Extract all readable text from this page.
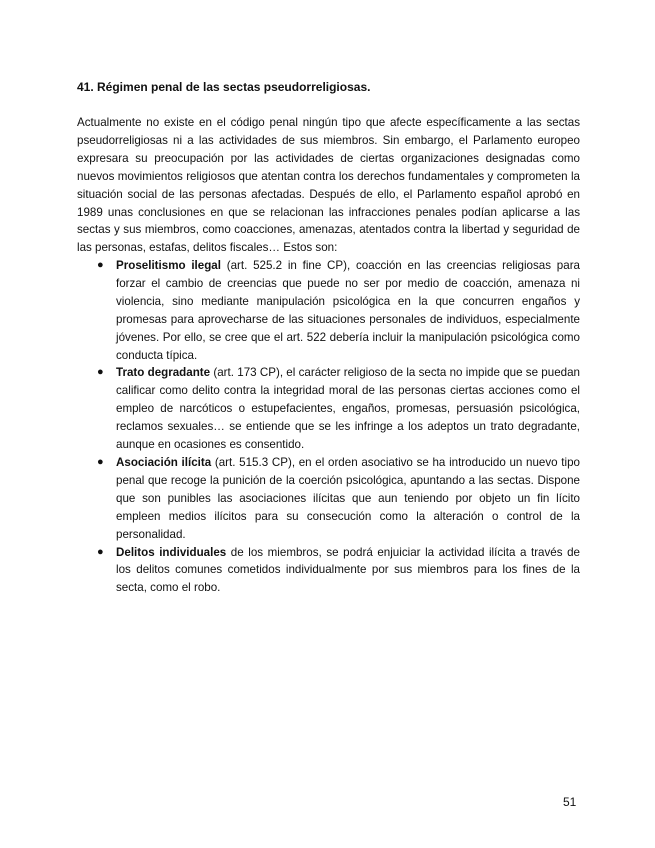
41. Régimen penal de las sectas pseudorreligiosas.

Actualmente no existe en el código penal ningún tipo que afecte específicamente a las sectas pseudorreligiosas ni a las actividades de sus miembros. Sin embargo, el Parlamento europeo expresara su preocupación por las actividades de ciertas organizaciones designadas como nuevos movimientos religiosos que atentan contra los derechos fundamentales y comprometen la situación social de las personas afectadas. Después de ello, el Parlamento español aprobó en 1989 unas conclusiones en que se relacionan las infracciones penales podían aplicarse a las sectas y sus miembros, como coacciones, amenazas, atentados contra la libertad y seguridad de las personas, estafas, delitos fiscales… Estos son:

● Proselitismo ilegal (art. 525.2 in fine CP), coacción en las creencias religiosas para forzar el cambio de creencias que puede no ser por medio de coacción, amenaza ni violencia, sino mediante manipulación psicológica en la que concurren engaños y promesas para aprovecharse de las situaciones personales de individuos, especialmente jóvenes. Por ello, se cree que el art. 522 debería incluir la manipulación psicológica como conducta típica.
● Trato degradante (art. 173 CP), el carácter religioso de la secta no impide que se puedan calificar como delito contra la integridad moral de las personas ciertas acciones como el empleo de narcóticos o estupefacientes, engaños, promesas, persuasión psicológica, reclamos sexuales… se entiende que se les infringe a los adeptos un trato degradante, aunque en ocasiones es consentido.
● Asociación ilícita (art. 515.3 CP), en el orden asociativo se ha introducido un nuevo tipo penal que recoge la punición de la coerción psicológica, apuntando a las sectas. Dispone que son punibles las asociaciones ilícitas que aun teniendo por objeto un fin lícito empleen medios ilícitos para su consecución como la alteración o control de la personalidad.
● Delitos individuales de los miembros, se podrá enjuiciar la actividad ilícita a través de los delitos comunes cometidos individualmente por sus miembros para los fines de la secta, como el robo.
51
